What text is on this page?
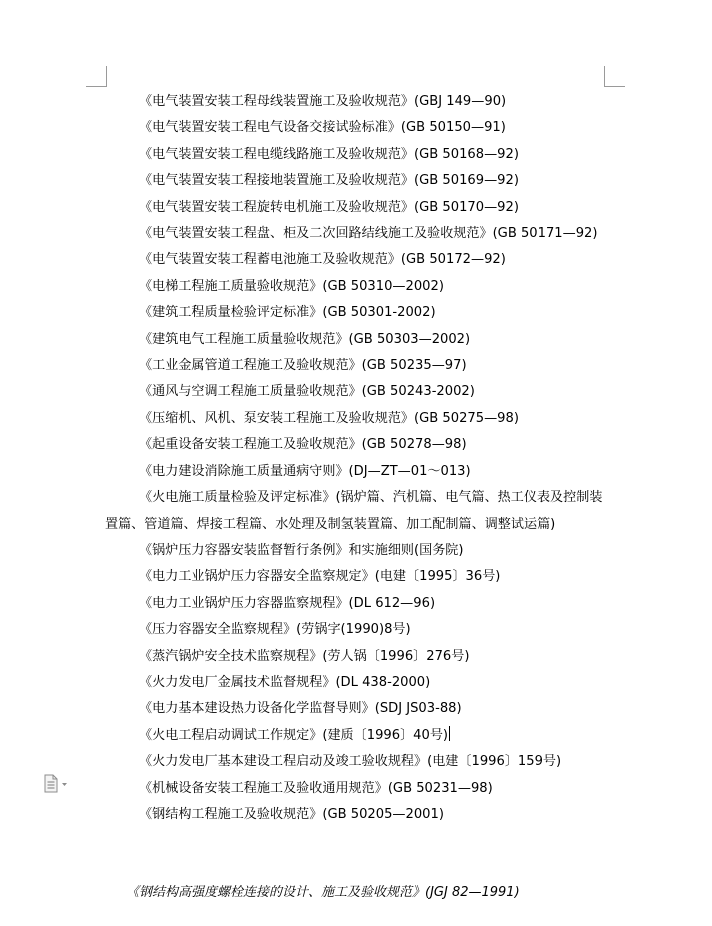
《电气装置安装工程母线装置施工及验收规范》(GBJ 149—90)

《电气装置安装工程电气设备交接试验标准》(GB 50150—91)

《电气装置安装工程电缆线路施工及验收规范》(GB 50168—92)

《电气装置安装工程接地装置施工及验收规范》(GB 50169—92)

《电气装置安装工程旋转电机施工及验收规范》(GB 50170—92)

《电气装置安装工程盘、柜及二次回路结线施工及验收规范》(GB 50171—92)

《电气装置安装工程蓄电池施工及验收规范》(GB 50172—92)

《电梯工程施工质量验收规范》(GB 50310—2002)

《建筑工程质量检验评定标准》(GB 50301-2002)

《建筑电气工程施工质量验收规范》(GB 50303—2002)

《工业金属管道工程施工及验收规范》(GB 50235—97)

《通风与空调工程施工质量验收规范》(GB 50243-2002)

《压缩机、风机、泵安装工程施工及验收规范》(GB 50275—98)

《起重设备安装工程施工及验收规范》(GB 50278—98)

《电力建设消除施工质量通病守则》(DJ—ZT—01～013)

《火电施工质量检验及评定标准》(锅炉篇、汽机篇、电气篇、热工仪表及控制装置篇、管道篇、焊接工程篇、水处理及制氢装置篇、加工配制篇、调整试运篇)

《锅炉压力容器安装监督暂行条例》和实施细则(国务院)

《电力工业锅炉压力容器安全监察规定》(电建〔1995〕36号)

《电力工业锅炉压力容器监察规程》(DL 612—96)

《压力容器安全监察规程》(劳锅字(1990)8号)

《蒸汽锅炉安全技术监察规程》(劳人锅〔1996〕276号)

《火力发电厂金属技术监督规程》(DL 438-2000)

《电力基本建设热力设备化学监督导则》(SDJ JS03-88)

《火电工程启动调试工作规定》(建质〔1996〕40号)

《火力发电厂基本建设工程启动及竣工验收规程》(电建〔1996〕159号)

《机械设备安装工程施工及验收通用规范》(GB 50231—98)

《钢结构工程施工及验收规范》(GB 50205—2001)

《钢结构高强度螺栓连接的设计、施工及验收规范》(JGJ 82—1991)
